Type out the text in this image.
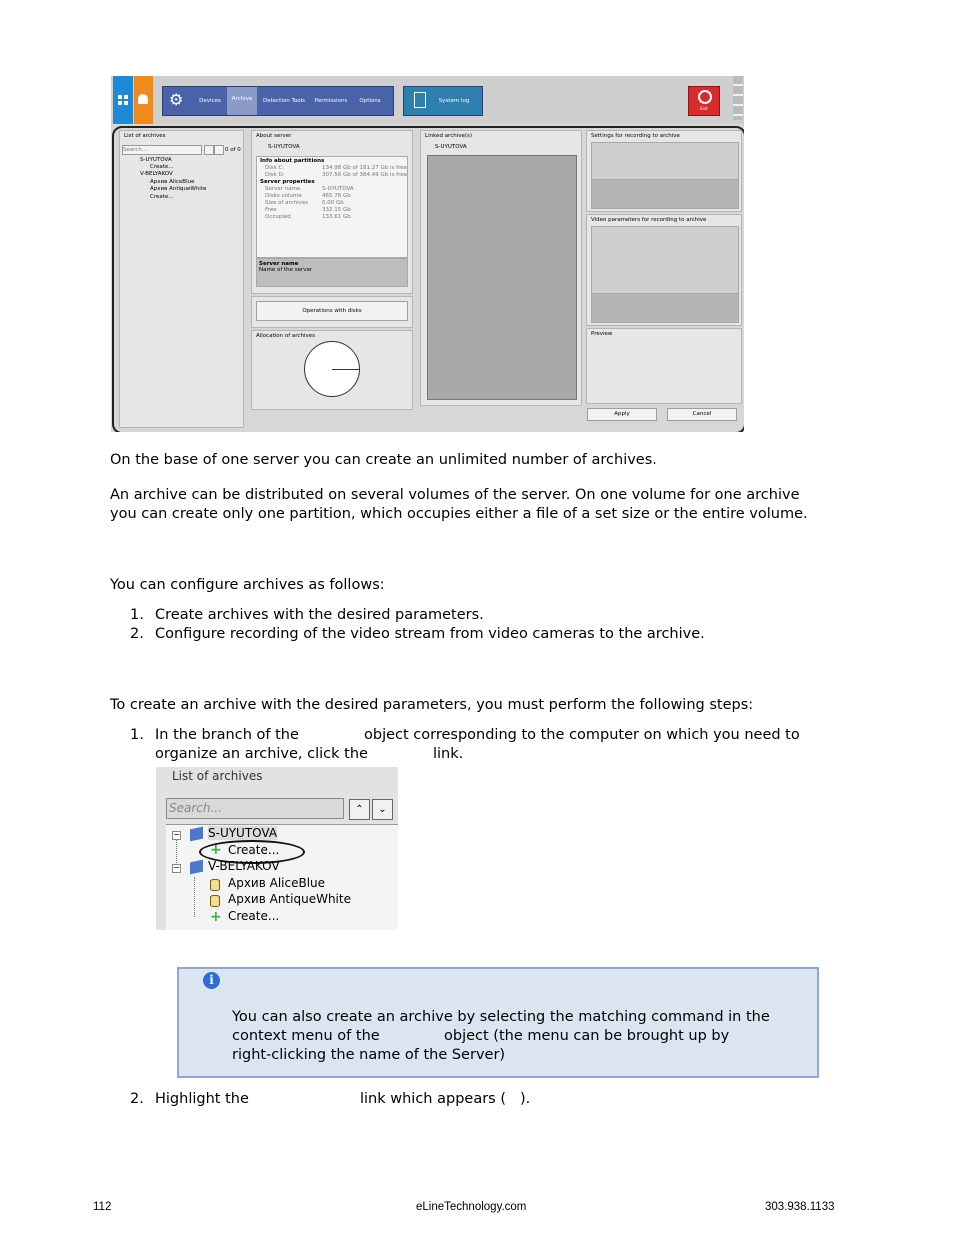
⚙	Devices	Archive	Detection Tools	Permissions	Options	System log
Exit
List of archives
Search...	0 of 0
S-UYUTOVA
Create...
V-BELYAKOV
Архив AliceBlue
Архив AntiqueWhite
Create...
About server
S-UYUTOVA
Info about partitions
Disk C:	134.98 Gb of 181.27 Gb is free
Disk D:	307.56 Gb of 384.49 Gb is free
Server properties
Server name	S-UYUTOVA
Disks volume	465.76 Gb
Size of archives	0.00 Gb
Free	332.15 Gb
Occupied	133.61 Gb
Server name
Name of the server
Operations with disks
Allocation of archives
Linked archive(s)
S-UYUTOVA
Settings for recording to archive
Video parameters for recording to archive
Preview
Apply	Cancel

On the base of one server you can create an unlimited number of archives.

An archive can be distributed on several volumes of the server. On one volume for one archive

you can create only one partition, which occupies either a file of a set size or the entire volume.

You can configure archives as follows:

1. Create archives with the desired parameters.
2. Configure recording of the video stream from video cameras to the archive.

To create an archive with the desired parameters, you must perform the following steps:

1. In the branch of the	object corresponding to the computer on which you need to
organize an archive, click the	link.
List of archives
Search...	⌃	⌄
− S-UYUTOVA
+ Create...
− V-BELYAKOV
Архив AliceBlue
Архив AntiqueWhite
+ Create...
i
You can also create an archive by selecting the matching command in the
context menu of the	object (the menu can be brought up by
right-clicking the name of the Server)
2. Highlight the	link which appears ( ).
112	eLineTechnology.com	303.938.1133
